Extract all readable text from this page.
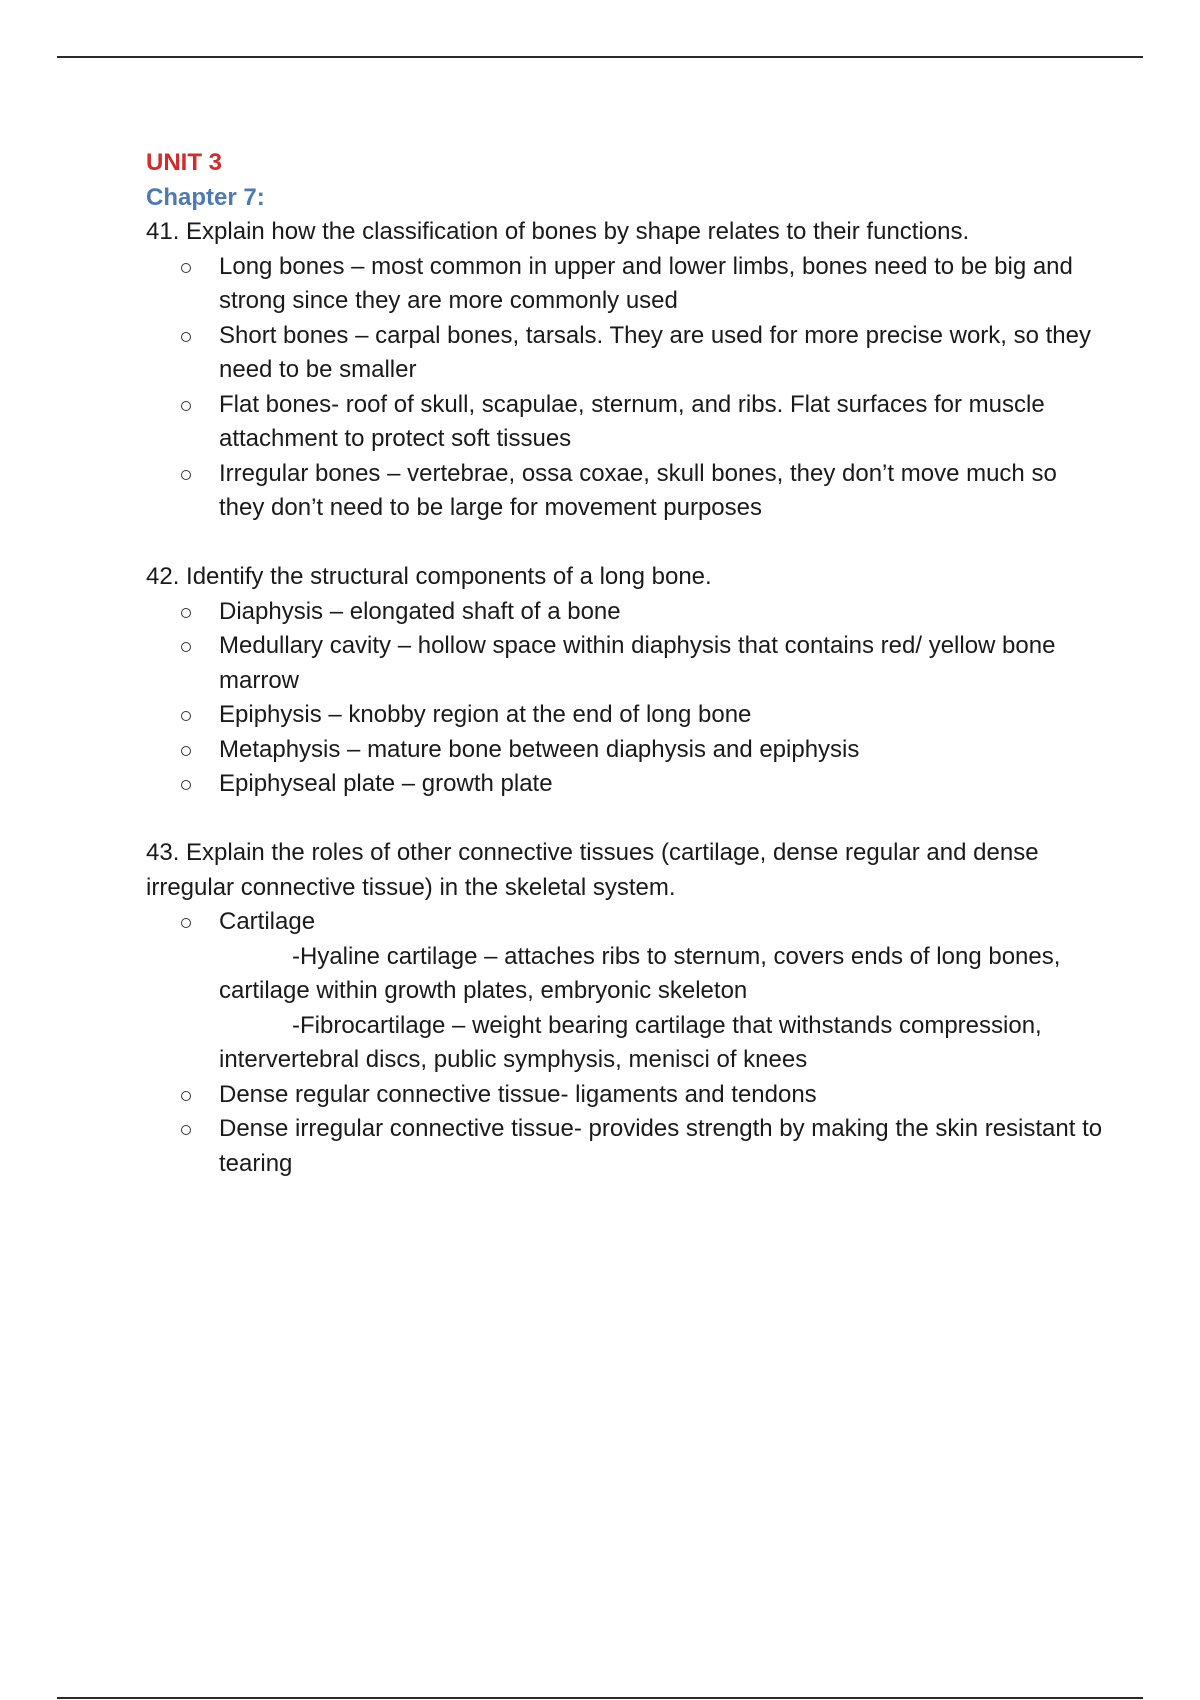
UNIT 3
Chapter 7:

41. Explain how the classification of bones by shape relates to their functions.

Long bones – most common in upper and lower limbs, bones need to be big and strong since they are more commonly used
Short bones – carpal bones, tarsals. They are used for more precise work, so they need to be smaller
Flat bones- roof of skull, scapulae, sternum, and ribs. Flat surfaces for muscle attachment to protect soft tissues
Irregular bones – vertebrae, ossa coxae, skull bones, they don’t move much so they don’t need to be large for movement purposes

42. Identify the structural components of a long bone.

Diaphysis – elongated shaft of a bone
Medullary cavity – hollow space within diaphysis that contains red/ yellow bone marrow
Epiphysis – knobby region at the end of long bone
Metaphysis – mature bone between diaphysis and epiphysis
Epiphyseal plate – growth plate

43. Explain the roles of other connective tissues (cartilage, dense regular and dense irregular connective tissue) in the skeletal system.

Cartilage
-Hyaline cartilage – attaches ribs to sternum, covers ends of long bones, cartilage within growth plates, embryonic skeleton
-Fibrocartilage – weight bearing cartilage that withstands compression, intervertebral discs, public symphysis, menisci of knees
Dense regular connective tissue- ligaments and tendons
Dense irregular connective tissue- provides strength by making the skin resistant to tearing
